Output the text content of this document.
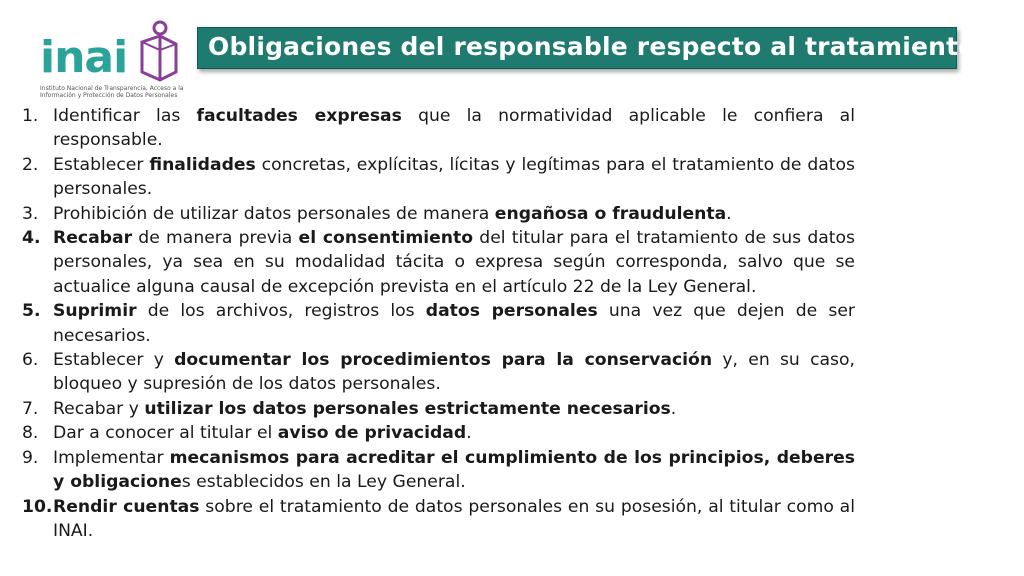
inai
Instituto Nacional de Transparencia, Acceso a la
Información y Protección de Datos Personales
Obligaciones del responsable respecto al tratamiento
1. Identificar las facultades expresas que la normatividad aplicable le confiera al responsable.
2. Establecer finalidades concretas, explícitas, lícitas y legítimas para el tratamiento de datos personales.
3. Prohibición de utilizar datos personales de manera engañosa o fraudulenta.
4. Recabar de manera previa el consentimiento del titular para el tratamiento de sus datos personales, ya sea en su modalidad tácita o expresa según corresponda, salvo que se actualice alguna causal de excepción prevista en el artículo 22 de la Ley General.
5. Suprimir de los archivos, registros los datos personales una vez que dejen de ser necesarios.
6. Establecer y documentar los procedimientos para la conservación y, en su caso, bloqueo y supresión de los datos personales.
7. Recabar y utilizar los datos personales estrictamente necesarios.
8. Dar a conocer al titular el aviso de privacidad.
9. Implementar mecanismos para acreditar el cumplimiento de los principios, deberes y obligaciones establecidos en la Ley General.
10. Rendir cuentas sobre el tratamiento de datos personales en su posesión, al titular como al INAI.
